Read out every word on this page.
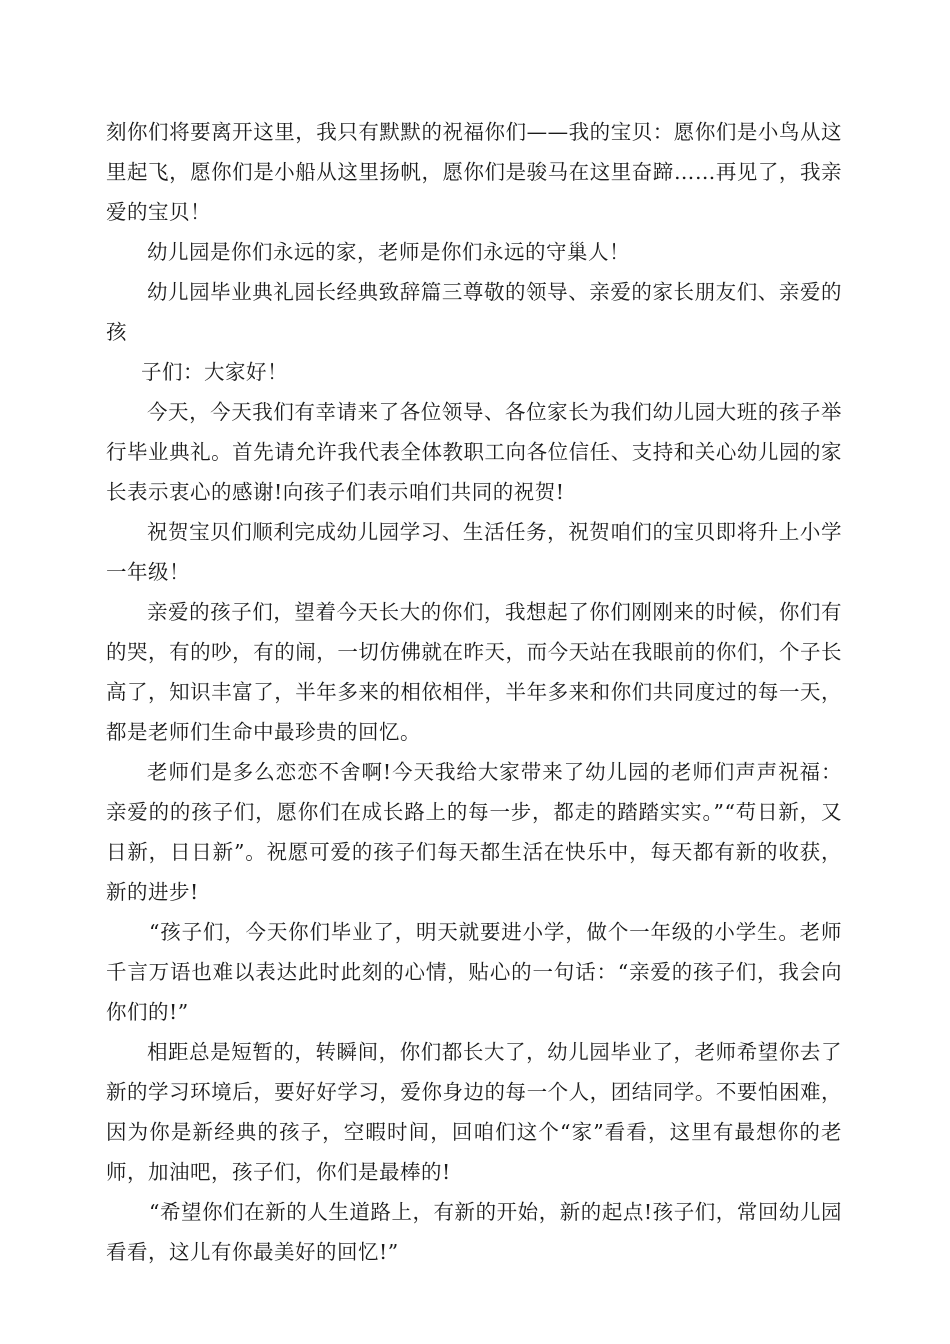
刻你们将要离开这里，我只有默默的祝福你们——我的宝贝：愿你们是小鸟从这里起飞，愿你们是小船从这里扬帆，愿你们是骏马在这里奋蹄……再见了，我亲爱的宝贝！

幼儿园是你们永远的家，老师是你们永远的守巢人！

幼儿园毕业典礼园长经典致辞篇三尊敬的领导、亲爱的家长朋友们、亲爱的孩

子们：大家好！

今天，今天我们有幸请来了各位领导、各位家长为我们幼儿园大班的孩子举行毕业典礼。首先请允许我代表全体教职工向各位信任、支持和关心幼儿园的家长表示衷心的感谢!向孩子们表示咱们共同的祝贺!

祝贺宝贝们顺利完成幼儿园学习、生活任务，祝贺咱们的宝贝即将升上小学一年级！

亲爱的孩子们，望着今天长大的你们，我想起了你们刚刚来的时候，你们有的哭，有的吵，有的闹，一切仿佛就在昨天，而今天站在我眼前的你们，个子长高了，知识丰富了，半年多来的相依相伴，半年多来和你们共同度过的每一天，都是老师们生命中最珍贵的回忆。

老师们是多么恋恋不舍啊!今天我给大家带来了幼儿园的老师们声声祝福：亲爱的的孩子们，愿你们在成长路上的每一步，都走的踏踏实实。”“苟日新，又日新，日日新”。祝愿可爱的孩子们每天都生活在快乐中，每天都有新的收获，新的进步!

“孩子们，今天你们毕业了，明天就要进小学，做个一年级的小学生。老师千言万语也难以表达此时此刻的心情，贴心的一句话：“亲爱的孩子们，我会向你们的!”

相距总是短暂的，转瞬间，你们都长大了，幼儿园毕业了，老师希望你去了新的学习环境后，要好好学习，爱你身边的每一个人，团结同学。不要怕困难，因为你是新经典的孩子，空暇时间，回咱们这个“家”看看，这里有最想你的老师，加油吧，孩子们，你们是最棒的!

“希望你们在新的人生道路上，有新的开始，新的起点!孩子们，常回幼儿园看看，这儿有你最美好的回忆!”
